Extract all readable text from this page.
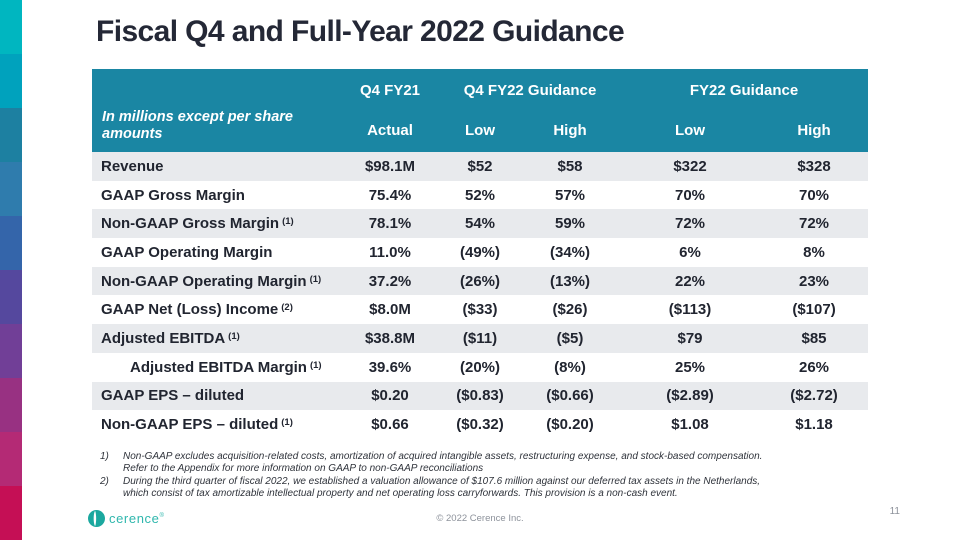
Fiscal Q4 and Full-Year 2022 Guidance
In millions except per share amounts	Q4 FY21	Q4 FY22 Guidance		FY22 Guidance	
	Actual	Low	High	Low	High
Revenue	$98.1M	$52	$58	$322	$328
GAAP Gross Margin	75.4%	52%	57%	70%	70%
Non-GAAP Gross Margin $^{(1)}$	78.1%	54%	59%	72%	72%
GAAP Operating Margin	11.0%	(49%)	(34%)	6%	8%
Non-GAAP Operating Margin $^{(1)}$	37.2%	(26%)	(13%)	22%	23%
GAAP Net (Loss) Income $^{(2)}$	$8.0M	($33)	($26)	($113)	($107)
Adjusted EBITDA $^{(1)}$	$38.8M	($11)	($5)	$79	$85
Adjusted EBITDA Margin $^{(1)}$	39.6%	(20%)	(8%)	25%	26%
GAAP EPS – diluted	$0.20	($0.83)	($0.66)	($2.89)	($2.72)
Non-GAAP EPS – diluted $^{(1)}$	$0.66	($0.32)	($0.20)	$1.08	$1.18
1)	Non-GAAP excludes acquisition-related costs, amortization of acquired intangible assets, restructuring expense, and stock-based compensation.
Refer to the Appendix for more information on GAAP to non-GAAP reconciliations
2)	During the third quarter of fiscal 2022, we established a valuation allowance of $107.6 million against our deferred tax assets in the Netherlands,
which consist of tax amortizable intellectual property and net operating loss carryforwards. This provision is a non-cash event.
cerence®	© 2022 Cerence Inc.
11
